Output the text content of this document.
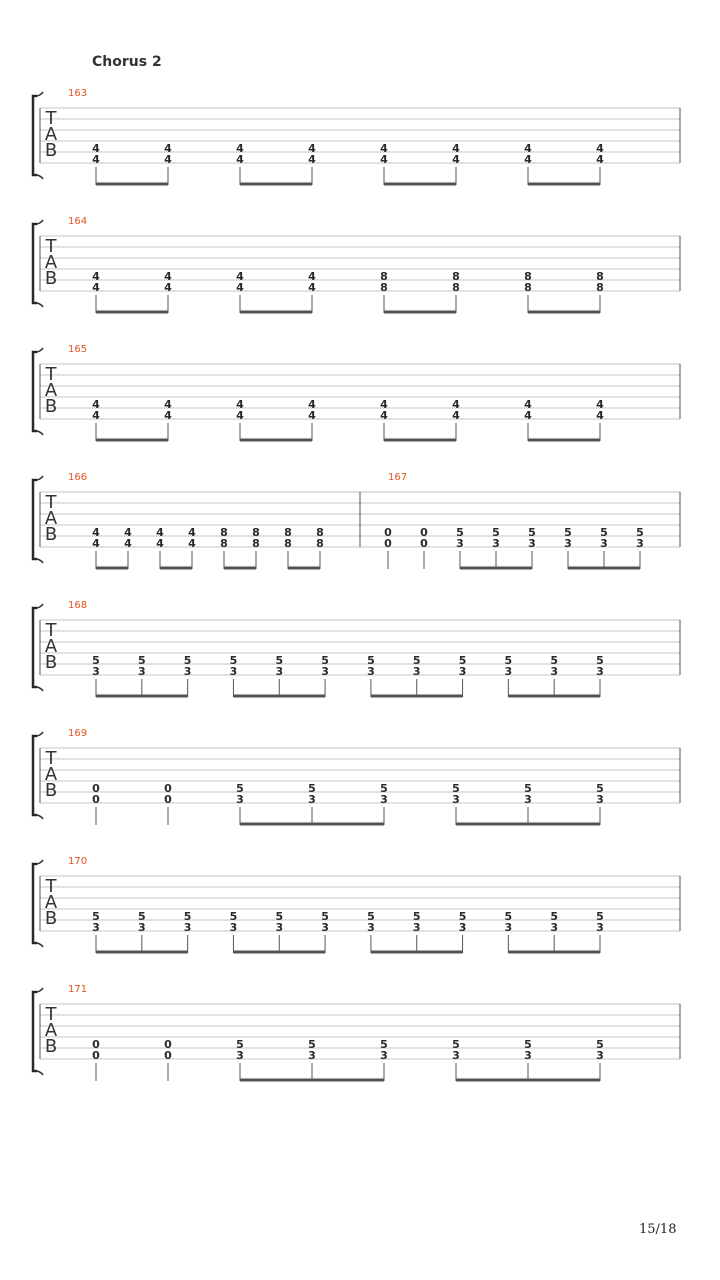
Chorus 2
T
A
B
163
4
4
4
4
4
4
4
4
4
4
4
4
4
4
4
4
T
A
B
164
4
4
4
4
4
4
4
4
8
8
8
8
8
8
8
8
T
A
B
165
4
4
4
4
4
4
4
4
4
4
4
4
4
4
4
4
T
A
B
166
4
4
4
4
4
4
4
4
8
8
8
8
8
8
8
8
167
0
0
0
0
5
3
5
3
5
3
5
3
5
3
5
3
T
A
B
168
5
3
5
3
5
3
5
3
5
3
5
3
5
3
5
3
5
3
5
3
5
3
5
3
T
A
B
169
0
0
0
0
5
3
5
3
5
3
5
3
5
3
5
3
T
A
B
170
5
3
5
3
5
3
5
3
5
3
5
3
5
3
5
3
5
3
5
3
5
3
5
3
T
A
B
171
0
0
0
0
5
3
5
3
5
3
5
3
5
3
5
3
15/18
